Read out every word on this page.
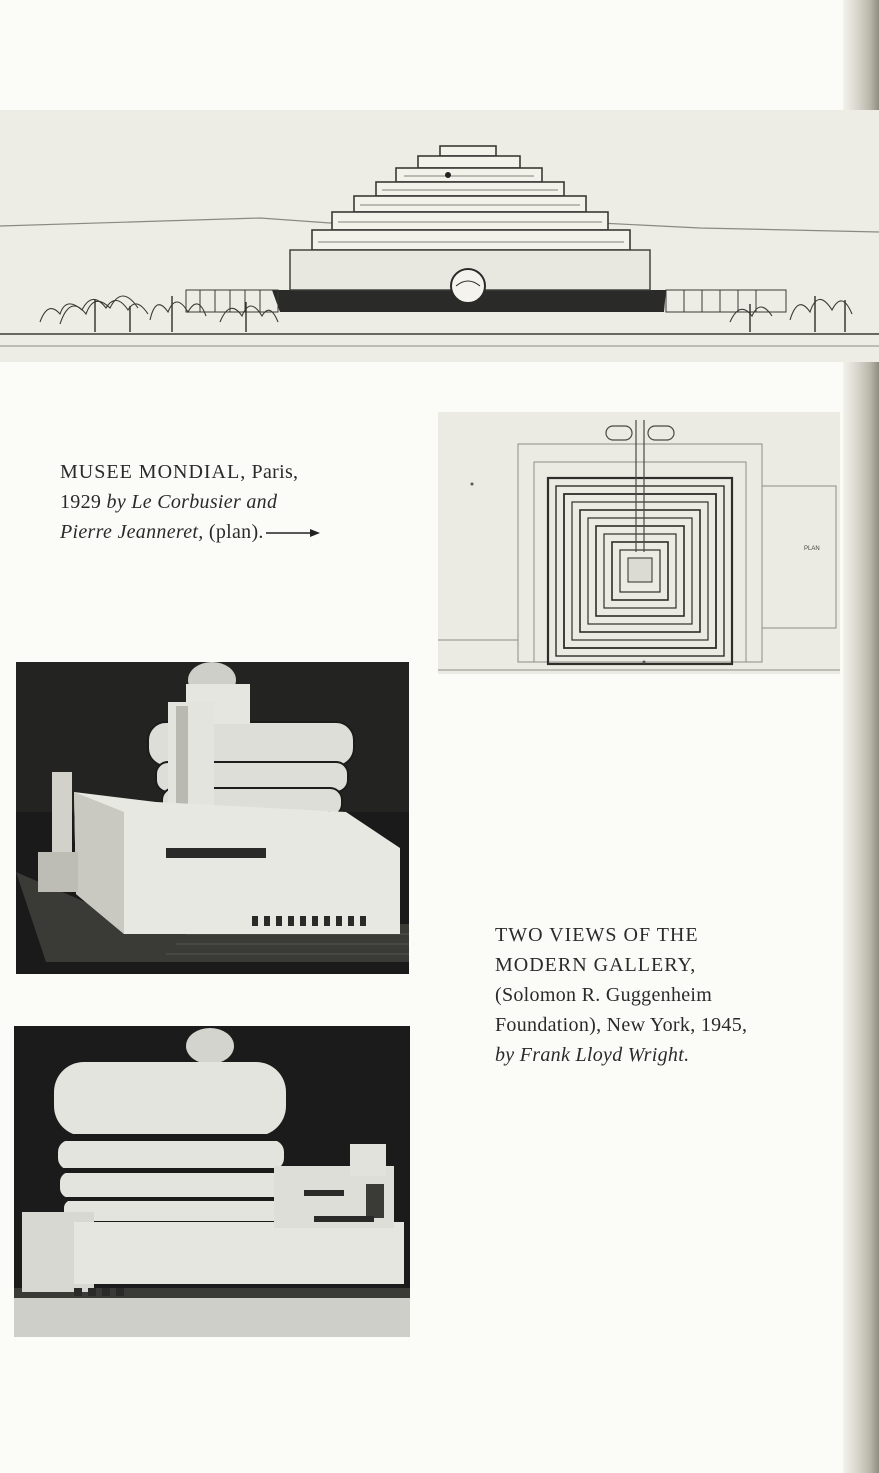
PLAN
MUSEE MONDIAL, Paris,
1929 by Le Corbusier and
Pierre Jeanneret, (plan).
TWO VIEWS OF THE
MODERN GALLERY,
(Solomon R. Guggenheim
Foundation), New York, 1945,
by Frank Lloyd Wright.
